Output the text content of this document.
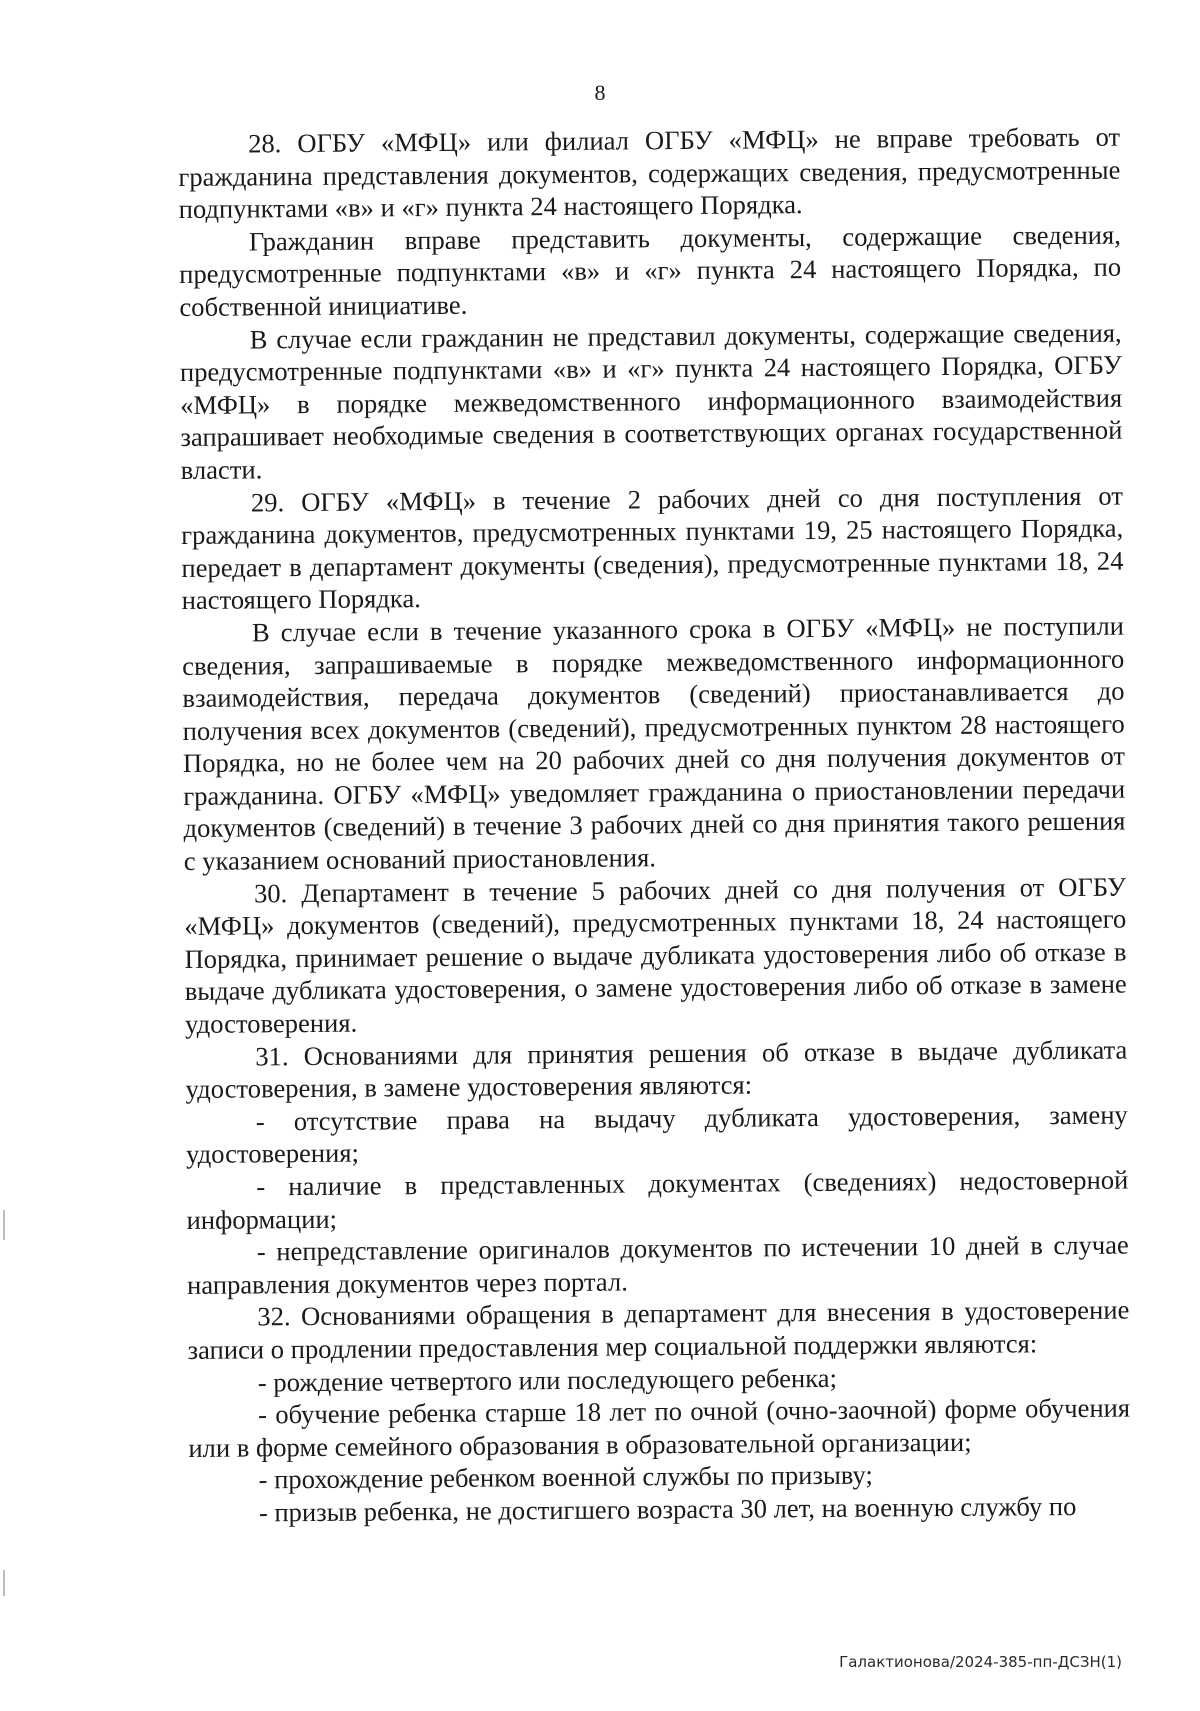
8

28. ОГБУ «МФЦ» или филиал ОГБУ «МФЦ» не вправе требовать от гражданина представления документов, содержащих сведения, предусмотренные подпунктами «в» и «г» пункта 24 настоящего Порядка.

Гражданин вправе представить документы, содержащие сведения, предусмотренные подпунктами «в» и «г» пункта 24 настоящего Порядка, по собственной инициативе.

В случае если гражданин не представил документы, содержащие сведения, предусмотренные подпунктами «в» и «г» пункта 24 настоящего Порядка, ОГБУ «МФЦ» в порядке межведомственного информационного взаимодействия запрашивает необходимые сведения в соответствующих органах государственной власти.

29. ОГБУ «МФЦ» в течение 2 рабочих дней со дня поступления от гражданина документов, предусмотренных пунктами 19, 25 настоящего Порядка, передает в департамент документы (сведения), предусмотренные пунктами 18, 24 настоящего Порядка.

В случае если в течение указанного срока в ОГБУ «МФЦ» не поступили сведения, запрашиваемые в порядке межведомственного информационного взаимодействия, передача документов (сведений) приостанавливается до получения всех документов (сведений), предусмотренных пунктом 28 настоящего Порядка, но не более чем на 20 рабочих дней со дня получения документов от гражданина. ОГБУ «МФЦ» уведомляет гражданина о приостановлении передачи документов (сведений) в течение 3 рабочих дней со дня принятия такого решения с указанием оснований приостановления.

30. Департамент в течение 5 рабочих дней со дня получения от ОГБУ «МФЦ» документов (сведений), предусмотренных пунктами 18, 24 настоящего Порядка, принимает решение о выдаче дубликата удостоверения либо об отказе в выдаче дубликата удостоверения, о замене удостоверения либо об отказе в замене удостоверения.

31. Основаниями для принятия решения об отказе в выдаче дубликата удостоверения, в замене удостоверения являются:

- отсутствие права на выдачу дубликата удостоверения, замену удостоверения;

- наличие в представленных документах (сведениях) недостоверной информации;

- непредставление оригиналов документов по истечении 10 дней в случае направления документов через портал.

32. Основаниями обращения в департамент для внесения в удостоверение записи о продлении предоставления мер социальной поддержки являются:

- рождение четвертого или последующего ребенка;

- обучение ребенка старше 18 лет по очной (очно-заочной) форме обучения или в форме семейного образования в образовательной организации;

- прохождение ребенком военной службы по призыву;

- призыв ребенка, не достигшего возраста 30 лет, на военную службу по

Галактионова/2024-385-пп-ДСЗН(1)
